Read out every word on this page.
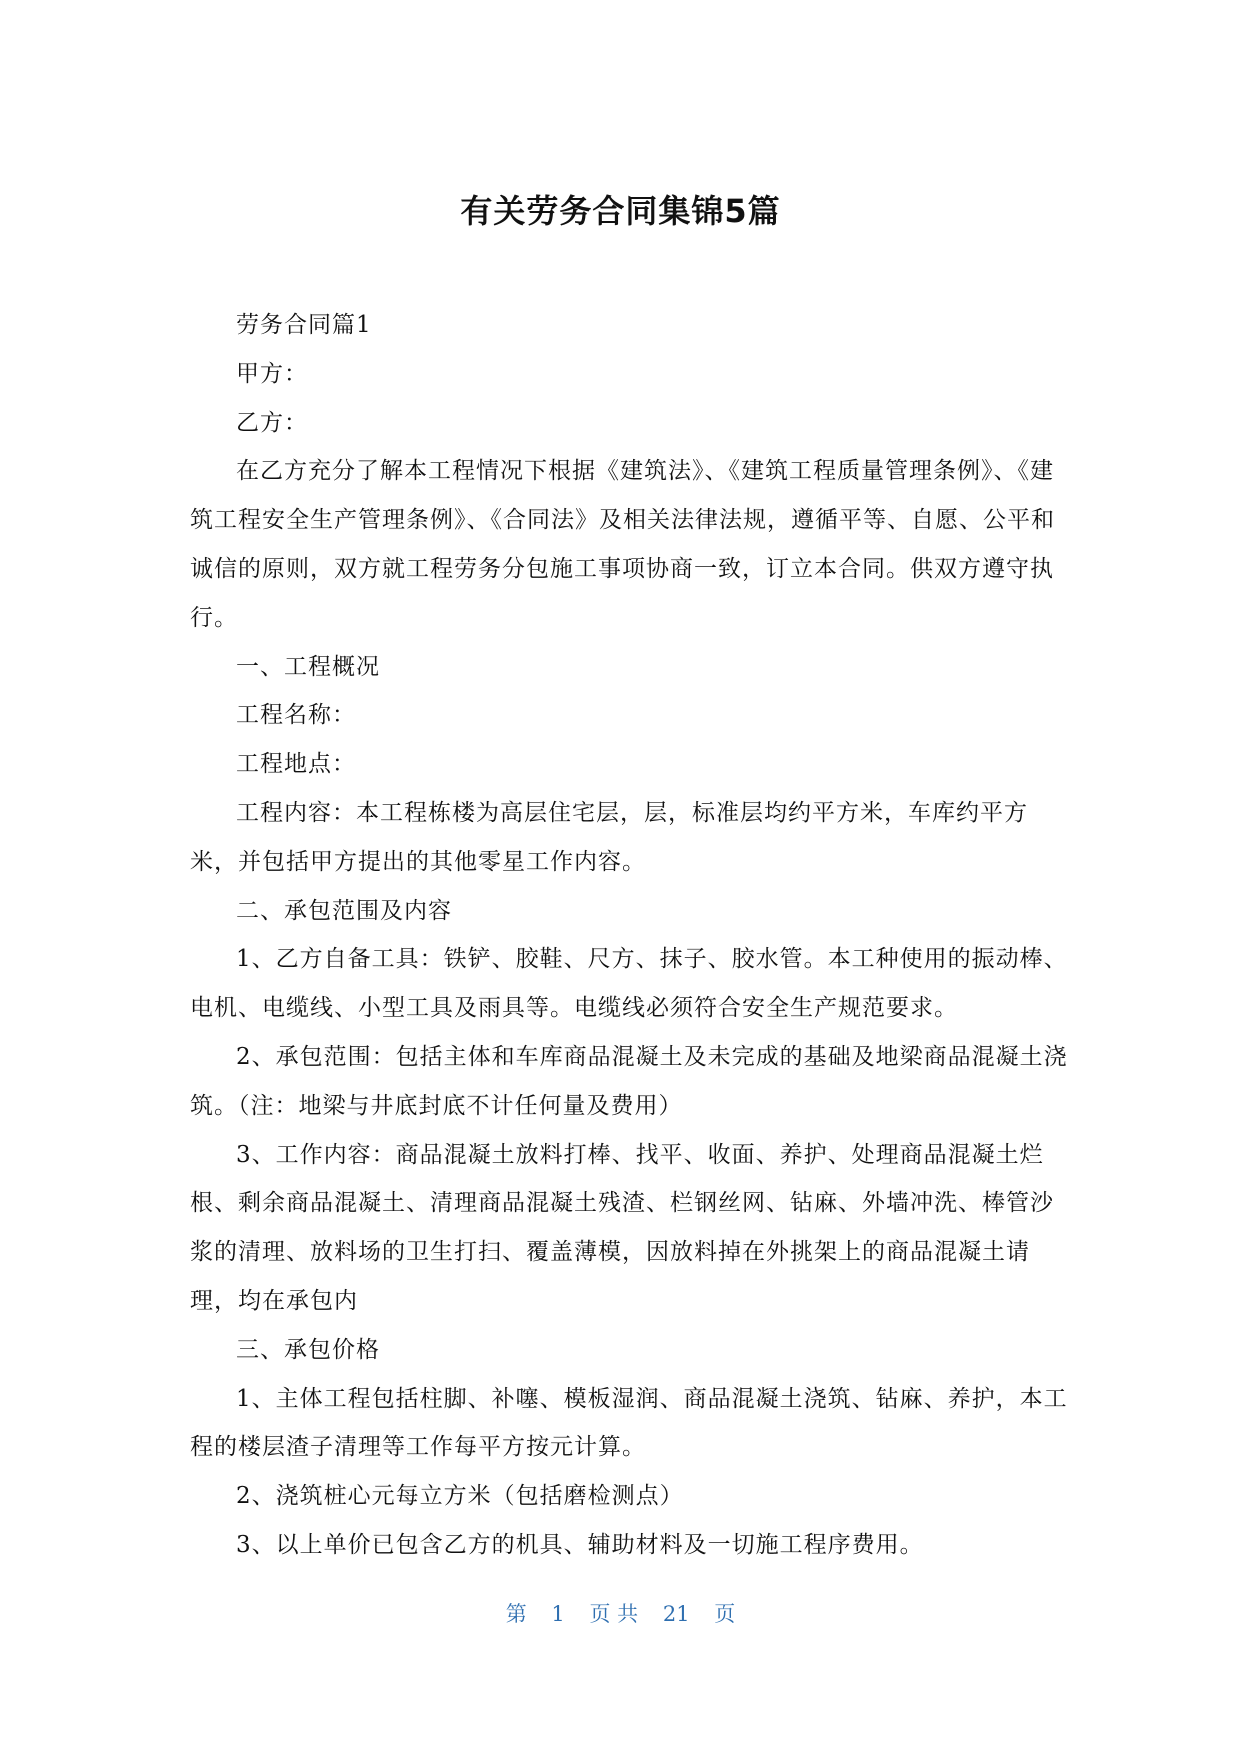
有关劳务合同集锦5篇

劳务合同篇1

甲方：

乙方：

在乙方充分了解本工程情况下根据《建筑法》、《建筑工程质量管理条例》、《建筑工程安全生产管理条例》、《合同法》及相关法律法规，遵循平等、自愿、公平和诚信的原则，双方就工程劳务分包施工事项协商一致，订立本合同。供双方遵守执行。

一、工程概况

工程名称：

工程地点：

工程内容：本工程栋楼为高层住宅层，层，标准层均约平方米，车库约平方米，并包括甲方提出的其他零星工作内容。

二、承包范围及内容

1、乙方自备工具：铁铲、胶鞋、尺方、抹子、胶水管。本工种使用的振动棒、电机、电缆线、小型工具及雨具等。电缆线必须符合安全生产规范要求。

2、承包范围：包括主体和车库商品混凝土及未完成的基础及地梁商品混凝土浇筑。（注：地梁与井底封底不计任何量及费用）

3、工作内容：商品混凝土放料打棒、找平、收面、养护、处理商品混凝土烂根、剩余商品混凝土、清理商品混凝土残渣、栏钢丝网、钻麻、外墙冲洗、棒管沙浆的清理、放料场的卫生打扫、覆盖薄模，因放料掉在外挑架上的商品混凝土请理，均在承包内

三、承包价格

1、主体工程包括柱脚、补噻、模板湿润、商品混凝土浇筑、钻麻、养护，本工程的楼层渣子清理等工作每平方按元计算。

2、浇筑桩心元每立方米（包括磨检测点）

3、以上单价已包含乙方的机具、辅助材料及一切施工程序费用。

第 1 页 共 21 页
